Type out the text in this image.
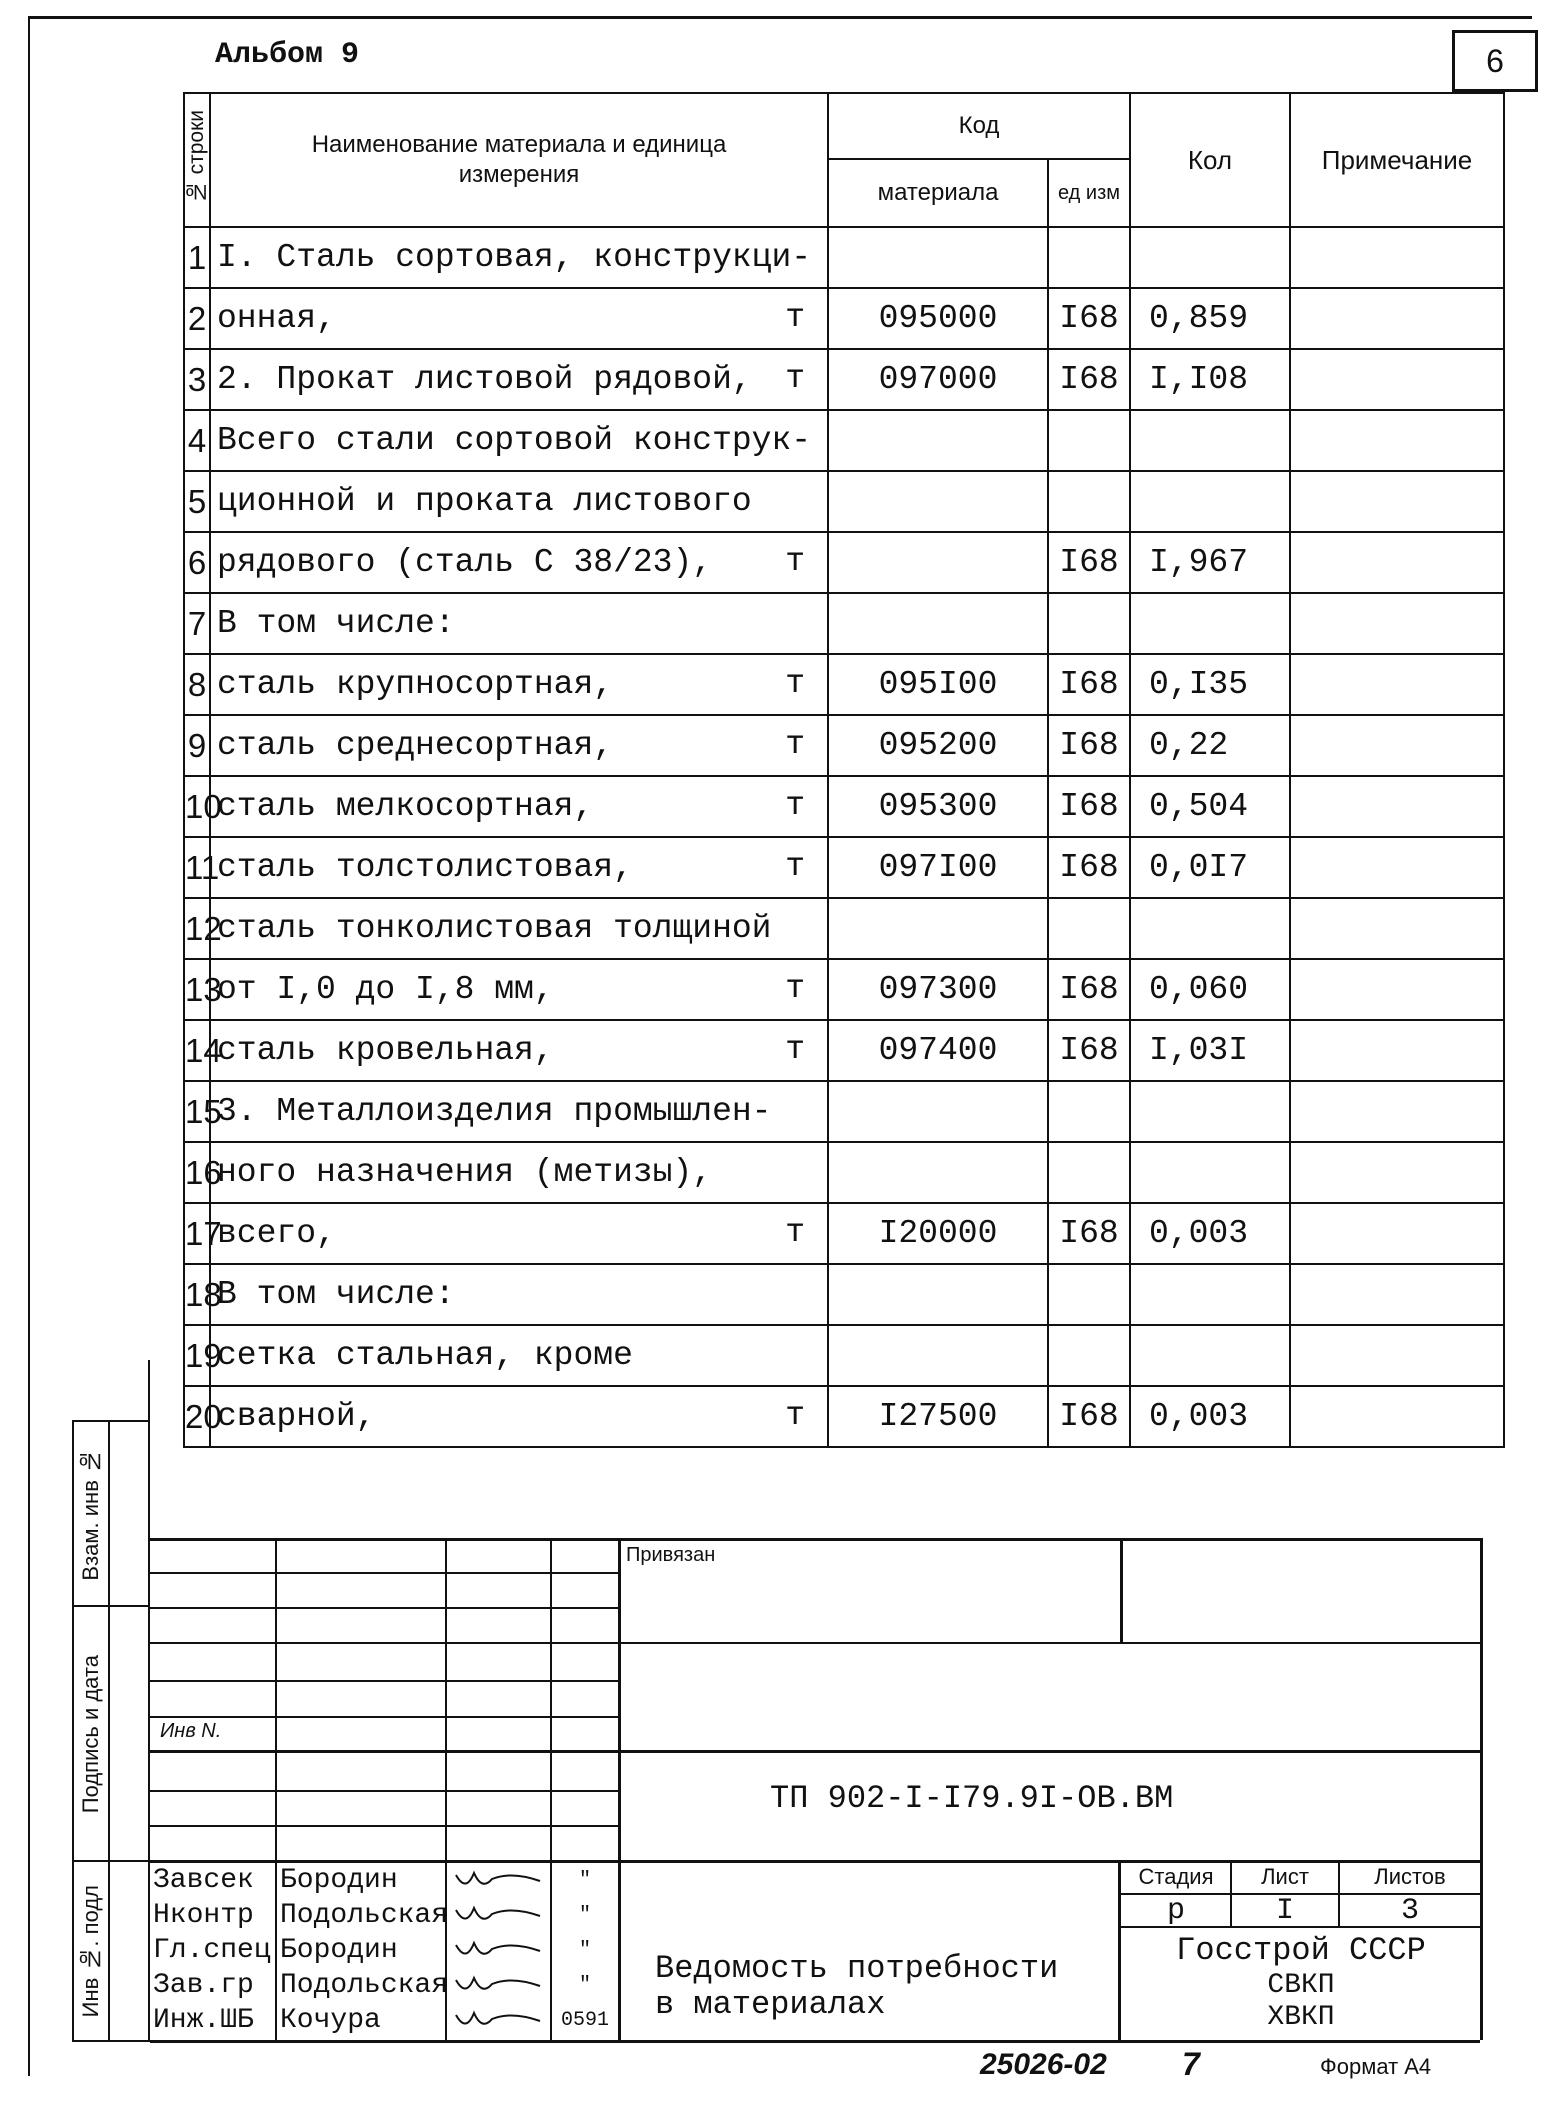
Альбом 9	6
№ строки	Наименование материала и единица измерения	Код		Кол	Примечание
		материала	ед изм		
1	I. Сталь сортовая, конструкци-

2	онная, т	095000	I68	0,859	
3	2. Прокат листовой рядовой, т	097000	I68	I,I08	
4	Всего стали сортовой конструк-

5	ционной и проката листового

6	рядового (сталь С 38/23), т		I68	I,967	
7	В том числе:

8	сталь крупносортная, т	095I00	I68	0,I35	
9	сталь среднесортная, т	095200	I68	0,22	
10	сталь мелкосортная, т	095300	I68	0,504	
11	сталь толстолистовая, т	097I00	I68	0,0I7	
12	сталь тонколистовая толщиной

13	от I,0 до I,8 мм, т	097300	I68	0,060	
14	сталь кровельная, т	097400	I68	I,03I	
15	3. Металлоизделия промышлен-

16	ного назначения (метизы),

17	всего, т	I20000	I68	0,003	
18	В том числе:

19	сетка стальная, кроме

20	сварной, т	I27500	I68	0,003	
Взам. инв №
Подпись и дата
Инв №. подл
Привязан
Инв N.
ТП 902-I-I79.9I-ОВ.ВМ
Ведомость потребности
в материалах
Стадия	Лист	Листов
р	I	3
Госстрой СССР
СВКП
ХВКП
Завсек Бородин	"
Нконтр Подольская	"
Гл.спец Бородин	"
Зав.гр Подольская	"
Инж.ШБ Кочура	0591
25026-02 7	Формат А4
